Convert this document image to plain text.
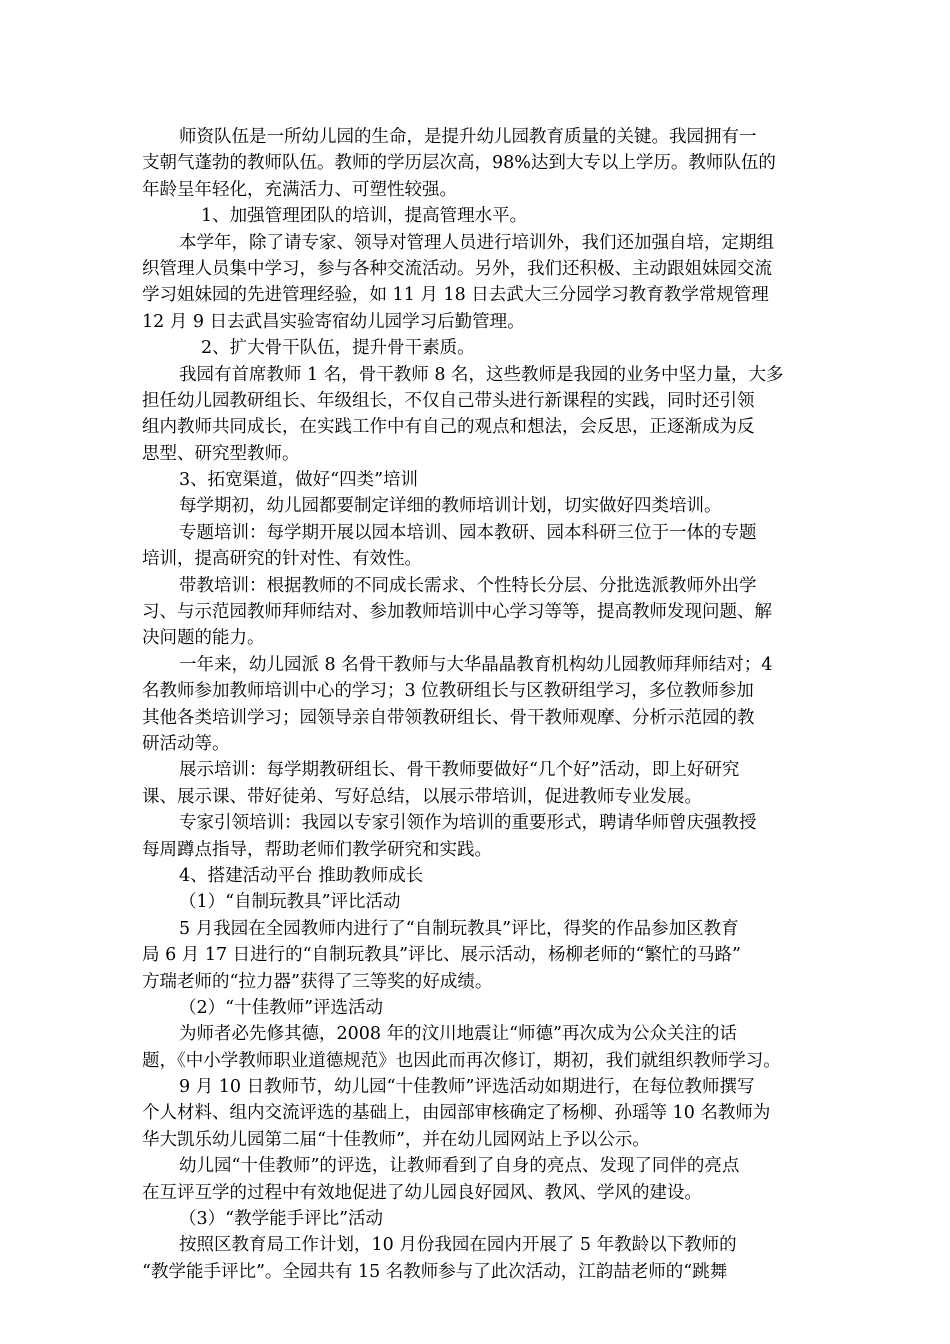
师资队伍是一所幼儿园的生命，是提升幼儿园教育质量的关键。我园拥有一
支朝气蓬勃的教师队伍。教师的学历层次高，98%达到大专以上学历。教师队伍的
年龄呈年轻化，充满活力、可塑性较强。
1、加强管理团队的培训，提高管理水平。
本学年，除了请专家、领导对管理人员进行培训外，我们还加强自培，定期组
织管理人员集中学习，参与各种交流活动。另外，我们还积极、主动跟姐妹园交流
学习姐妹园的先进管理经验，如 11 月 18 日去武大三分园学习教育教学常规管理
12 月 9 日去武昌实验寄宿幼儿园学习后勤管理。
2、扩大骨干队伍，提升骨干素质。
我园有首席教师 1 名，骨干教师 8 名，这些教师是我园的业务中坚力量，大多
担任幼儿园教研组长、年级组长，不仅自己带头进行新课程的实践，同时还引领
组内教师共同成长，在实践工作中有自己的观点和想法，会反思，正逐渐成为反
思型、研究型教师。
3、拓宽渠道，做好“四类”培训
每学期初，幼儿园都要制定详细的教师培训计划，切实做好四类培训。
专题培训：每学期开展以园本培训、园本教研、园本科研三位于一体的专题
培训，提高研究的针对性、有效性。
带教培训：根据教师的不同成长需求、个性特长分层、分批选派教师外出学
习、与示范园教师拜师结对、参加教师培训中心学习等等，提高教师发现问题、解
决问题的能力。
一年来，幼儿园派 8 名骨干教师与大华晶晶教育机构幼儿园教师拜师结对；4
名教师参加教师培训中心的学习；3 位教研组长与区教研组学习，多位教师参加
其他各类培训学习；园领导亲自带领教研组长、骨干教师观摩、分析示范园的教
研活动等。
展示培训：每学期教研组长、骨干教师要做好“几个好”活动，即上好研究
课、展示课、带好徒弟、写好总结，以展示带培训，促进教师专业发展。
专家引领培训：我园以专家引领作为培训的重要形式，聘请华师曾庆强教授
每周蹲点指导，帮助老师们教学研究和实践。
4、搭建活动平台 推助教师成长
（1）“自制玩教具”评比活动
5 月我园在全园教师内进行了“自制玩教具”评比，得奖的作品参加区教育
局 6 月 17 日进行的“自制玩教具”评比、展示活动，杨柳老师的“繁忙的马路”
方瑞老师的“拉力器”获得了三等奖的好成绩。
（2）“十佳教师”评选活动
为师者必先修其德，2008 年的汶川地震让“师德”再次成为公众关注的话
题，《中小学教师职业道德规范》也因此而再次修订，期初，我们就组织教师学习。
9 月 10 日教师节，幼儿园“十佳教师”评选活动如期进行，在每位教师撰写
个人材料、组内交流评选的基础上，由园部审核确定了杨柳、孙瑶等 10 名教师为
华大凯乐幼儿园第二届“十佳教师”，并在幼儿园网站上予以公示。
幼儿园“十佳教师”的评选，让教师看到了自身的亮点、发现了同伴的亮点
在互评互学的过程中有效地促进了幼儿园良好园风、教风、学风的建设。
（3）“教学能手评比”活动
按照区教育局工作计划，10 月份我园在园内开展了 5 年教龄以下教师的
“教学能手评比”。全园共有 15 名教师参与了此次活动，江韵喆老师的“跳舞
